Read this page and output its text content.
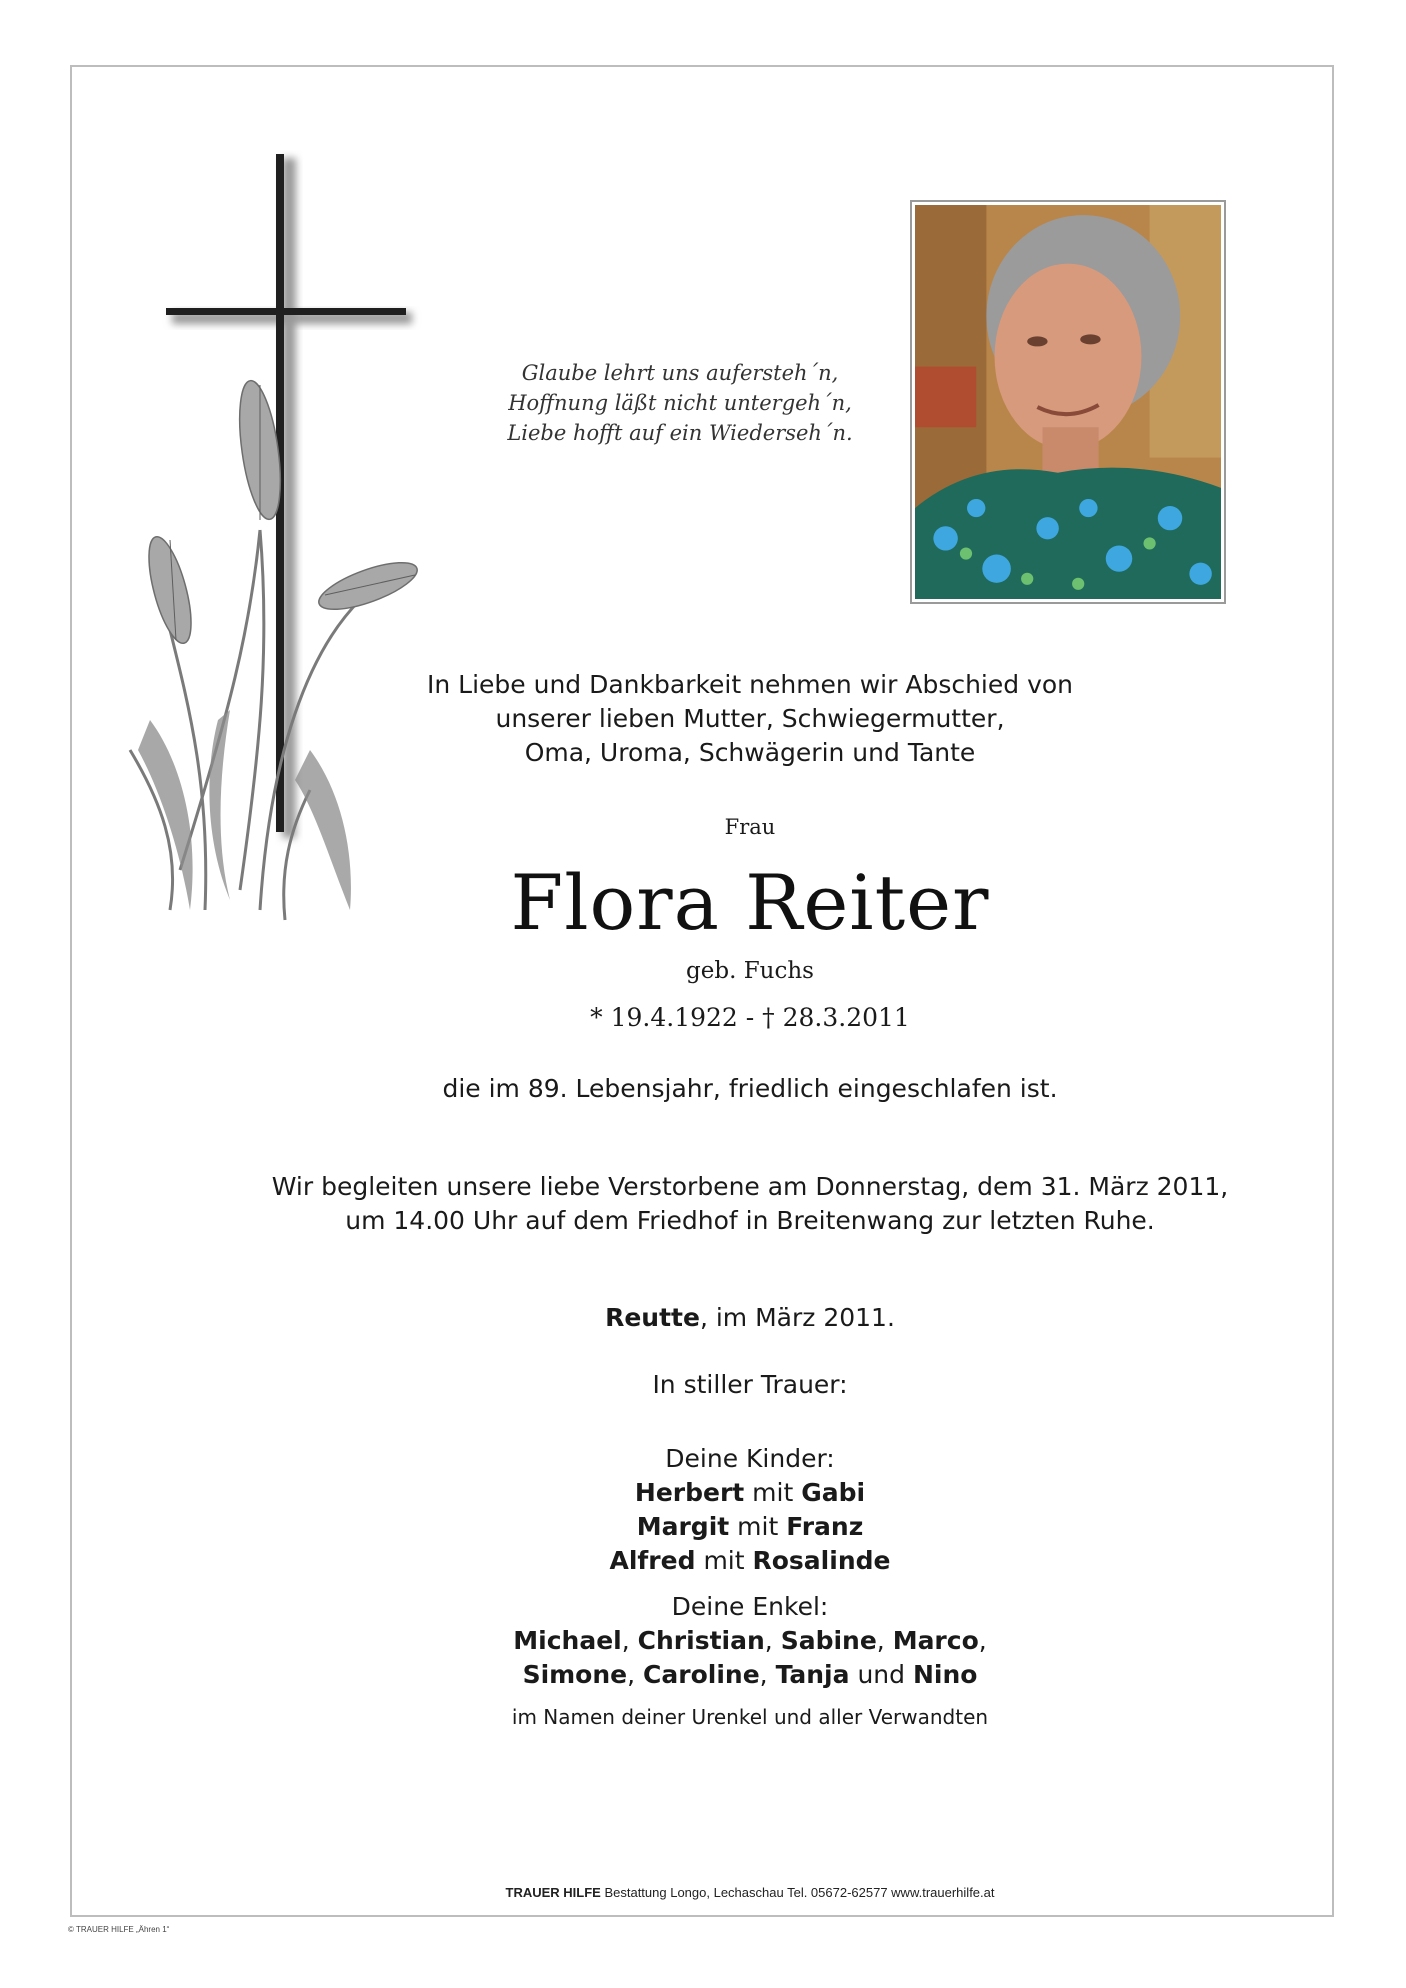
Glaube lehrt uns aufersteh´n,
Hoffnung läßt nicht untergeh´n,
Liebe hofft auf ein Wiederseh´n.
In Liebe und Dankbarkeit nehmen wir Abschied von
unserer lieben Mutter, Schwiegermutter,
Oma, Uroma, Schwägerin und Tante
Frau
Flora Reiter
geb. Fuchs
* 19.4.1922 - † 28.3.2011
die im 89. Lebensjahr, friedlich eingeschlafen ist.
Wir begleiten unsere liebe Verstorbene am Donnerstag, dem 31. März 2011,
um 14.00 Uhr auf dem Friedhof in Breitenwang zur letzten Ruhe.
Reutte, im März 2011.
In stiller Trauer:
Deine Kinder:
Herbert mit Gabi
Margit mit Franz
Alfred mit Rosalinde
Deine Enkel:
Michael, Christian, Sabine, Marco,
Simone, Caroline, Tanja und Nino
im Namen deiner Urenkel und aller Verwandten
TRAUER HILFE Bestattung Longo, Lechaschau Tel. 05672-62577 www.trauerhilfe.at
© TRAUER HILFE „Ähren 1“
